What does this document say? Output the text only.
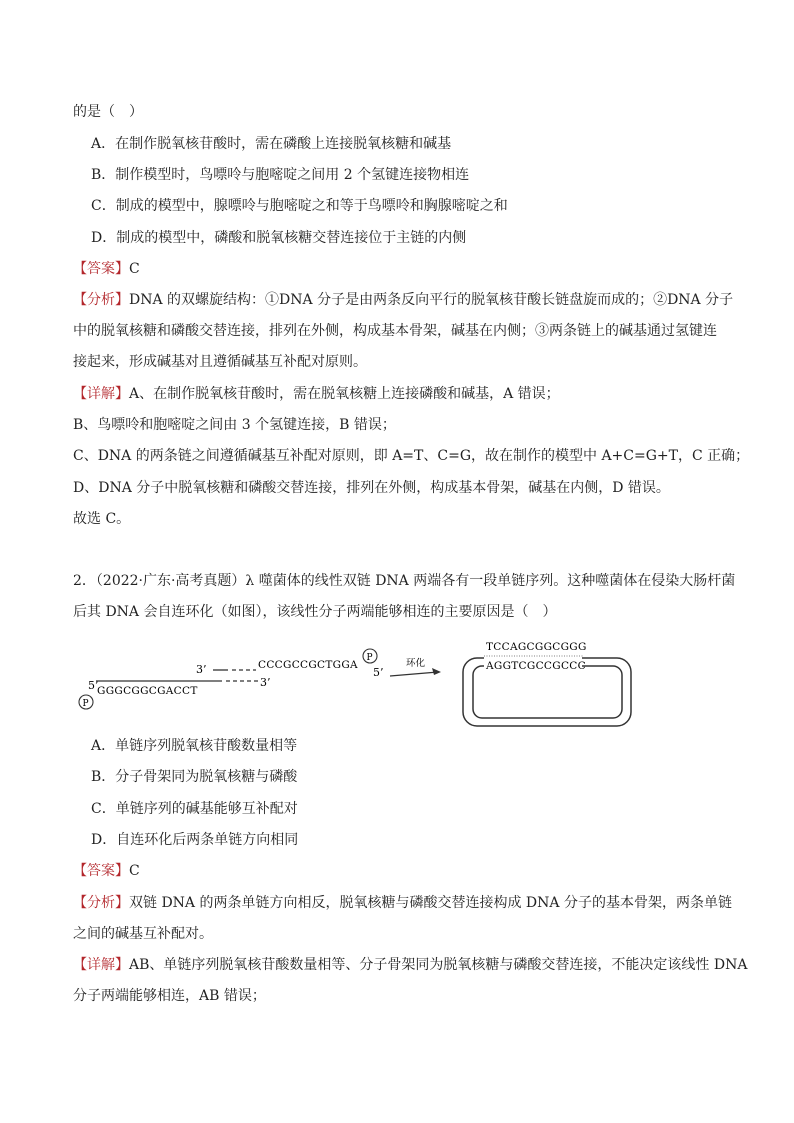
的是（　）
A．在制作脱氧核苷酸时，需在磷酸上连接脱氧核糖和碱基
B．制作模型时，鸟嘌呤与胞嘧啶之间用 2 个氢键连接物相连
C．制成的模型中，腺嘌呤与胞嘧啶之和等于鸟嘌呤和胸腺嘧啶之和
D．制成的模型中，磷酸和脱氧核糖交替连接位于主链的内侧
【答案】C
【分析】DNA 的双螺旋结构：①DNA 分子是由两条反向平行的脱氧核苷酸长链盘旋而成的；②DNA 分子
中的脱氧核糖和磷酸交替连接，排列在外侧，构成基本骨架，碱基在内侧；③两条链上的碱基通过氢键连
接起来，形成碱基对且遵循碱基互补配对原则。
【详解】A、在制作脱氧核苷酸时，需在脱氧核糖上连接磷酸和碱基，A 错误；
B、鸟嘌呤和胞嘧啶之间由 3 个氢键连接，B 错误；
C、DNA 的两条链之间遵循碱基互补配对原则，即 A=T、C=G，故在制作的模型中 A+C=G+T，C 正确；
D、DNA 分子中脱氧核糖和磷酸交替连接，排列在外侧，构成基本骨架，碱基在内侧，D 错误。
故选 C。
2．（2022·广东·高考真题）λ 噬菌体的线性双链 DNA 两端各有一段单链序列。这种噬菌体在侵染大肠杆菌
后其 DNA 会自连环化（如图），该线性分子两端能够相连的主要原因是（　）
3’	CCCGCCGCTGGA
P
5’
5’
P
GGGCGGCGACCT
3’
环化
TCCAGCGGCGGG
AGGTCGCCGCCC
A．单链序列脱氧核苷酸数量相等
B．分子骨架同为脱氧核糖与磷酸
C．单链序列的碱基能够互补配对
D．自连环化后两条单链方向相同
【答案】C
【分析】双链 DNA 的两条单链方向相反，脱氧核糖与磷酸交替连接构成 DNA 分子的基本骨架，两条单链
之间的碱基互补配对。
【详解】AB、单链序列脱氧核苷酸数量相等、分子骨架同为脱氧核糖与磷酸交替连接，不能决定该线性 DNA
分子两端能够相连，AB 错误；
